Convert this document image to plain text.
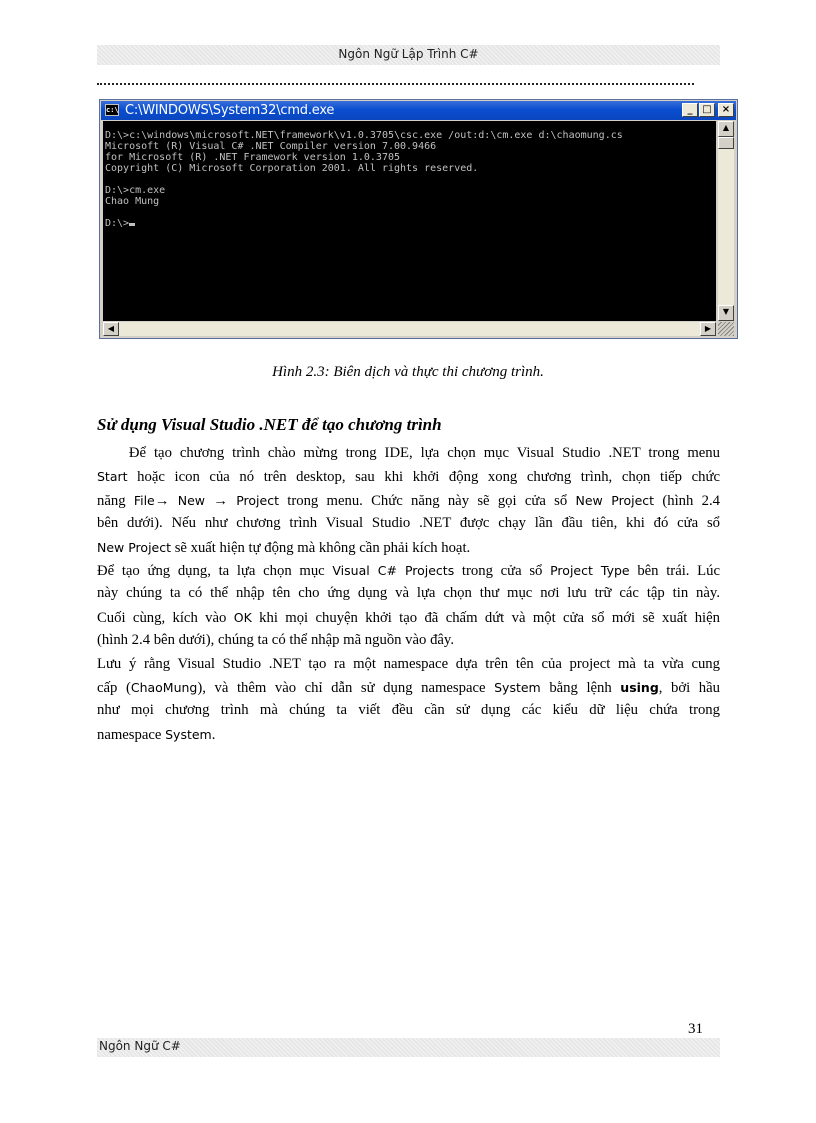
Ngôn Ngữ Lập Trình C#
c:\ C:\WINDOWS\System32\cmd.exe	_ □	×
D:\>c:\windows\microsoft.NET\framework\v1.0.3705\csc.exe /out:d:\cm.exe d:\chaomung.cs
Microsoft (R) Visual C# .NET Compiler version 7.00.9466
for Microsoft (R) .NET Framework version 1.0.3705
Copyright (C) Microsoft Corporation 2001. All rights reserved.

D:\>cm.exe
Chao Mung

D:\>
▲
▼
◀	▶
Hình 2.3: Biên dịch và thực thi chương trình.
Sử dụng Visual Studio .NET để tạo chương trình
Để tạo chương trình chào mừng trong IDE, lựa chọn mục Visual Studio .NET trong menu
Start hoặc icon của nó trên desktop, sau khi khởi động xong chương trình, chọn tiếp chức
năng File→ New → Project trong menu. Chức năng này sẽ gọi cửa sổ New Project (hình 2.4
bên dưới). Nếu như chương trình Visual Studio .NET được chạy lần đầu tiên, khi đó cửa sổ
New Project sẽ xuất hiện tự động mà không cần phải kích hoạt.
Để tạo ứng dụng, ta lựa chọn mục Visual C# Projects trong cửa sổ Project Type bên trái. Lúc
này chúng ta có thể nhập tên cho ứng dụng và lựa chọn thư mục nơi lưu trữ các tập tin này.
Cuối cùng, kích vào OK khi mọi chuyện khởi tạo đã chấm dứt và một cửa sổ mới sẽ xuất hiện
(hình 2.4 bên dưới), chúng ta có thể nhập mã nguồn vào đây.
Lưu ý rằng Visual Studio .NET tạo ra một namespace dựa trên tên của project mà ta vừa cung
cấp (ChaoMung), và thêm vào chỉ dẫn sử dụng namespace System bằng lệnh using, bởi hầu
như mọi chương trình mà chúng ta viết đều cần sử dụng các kiểu dữ liệu chứa trong
namespace System.
31
Ngôn Ngữ C#
